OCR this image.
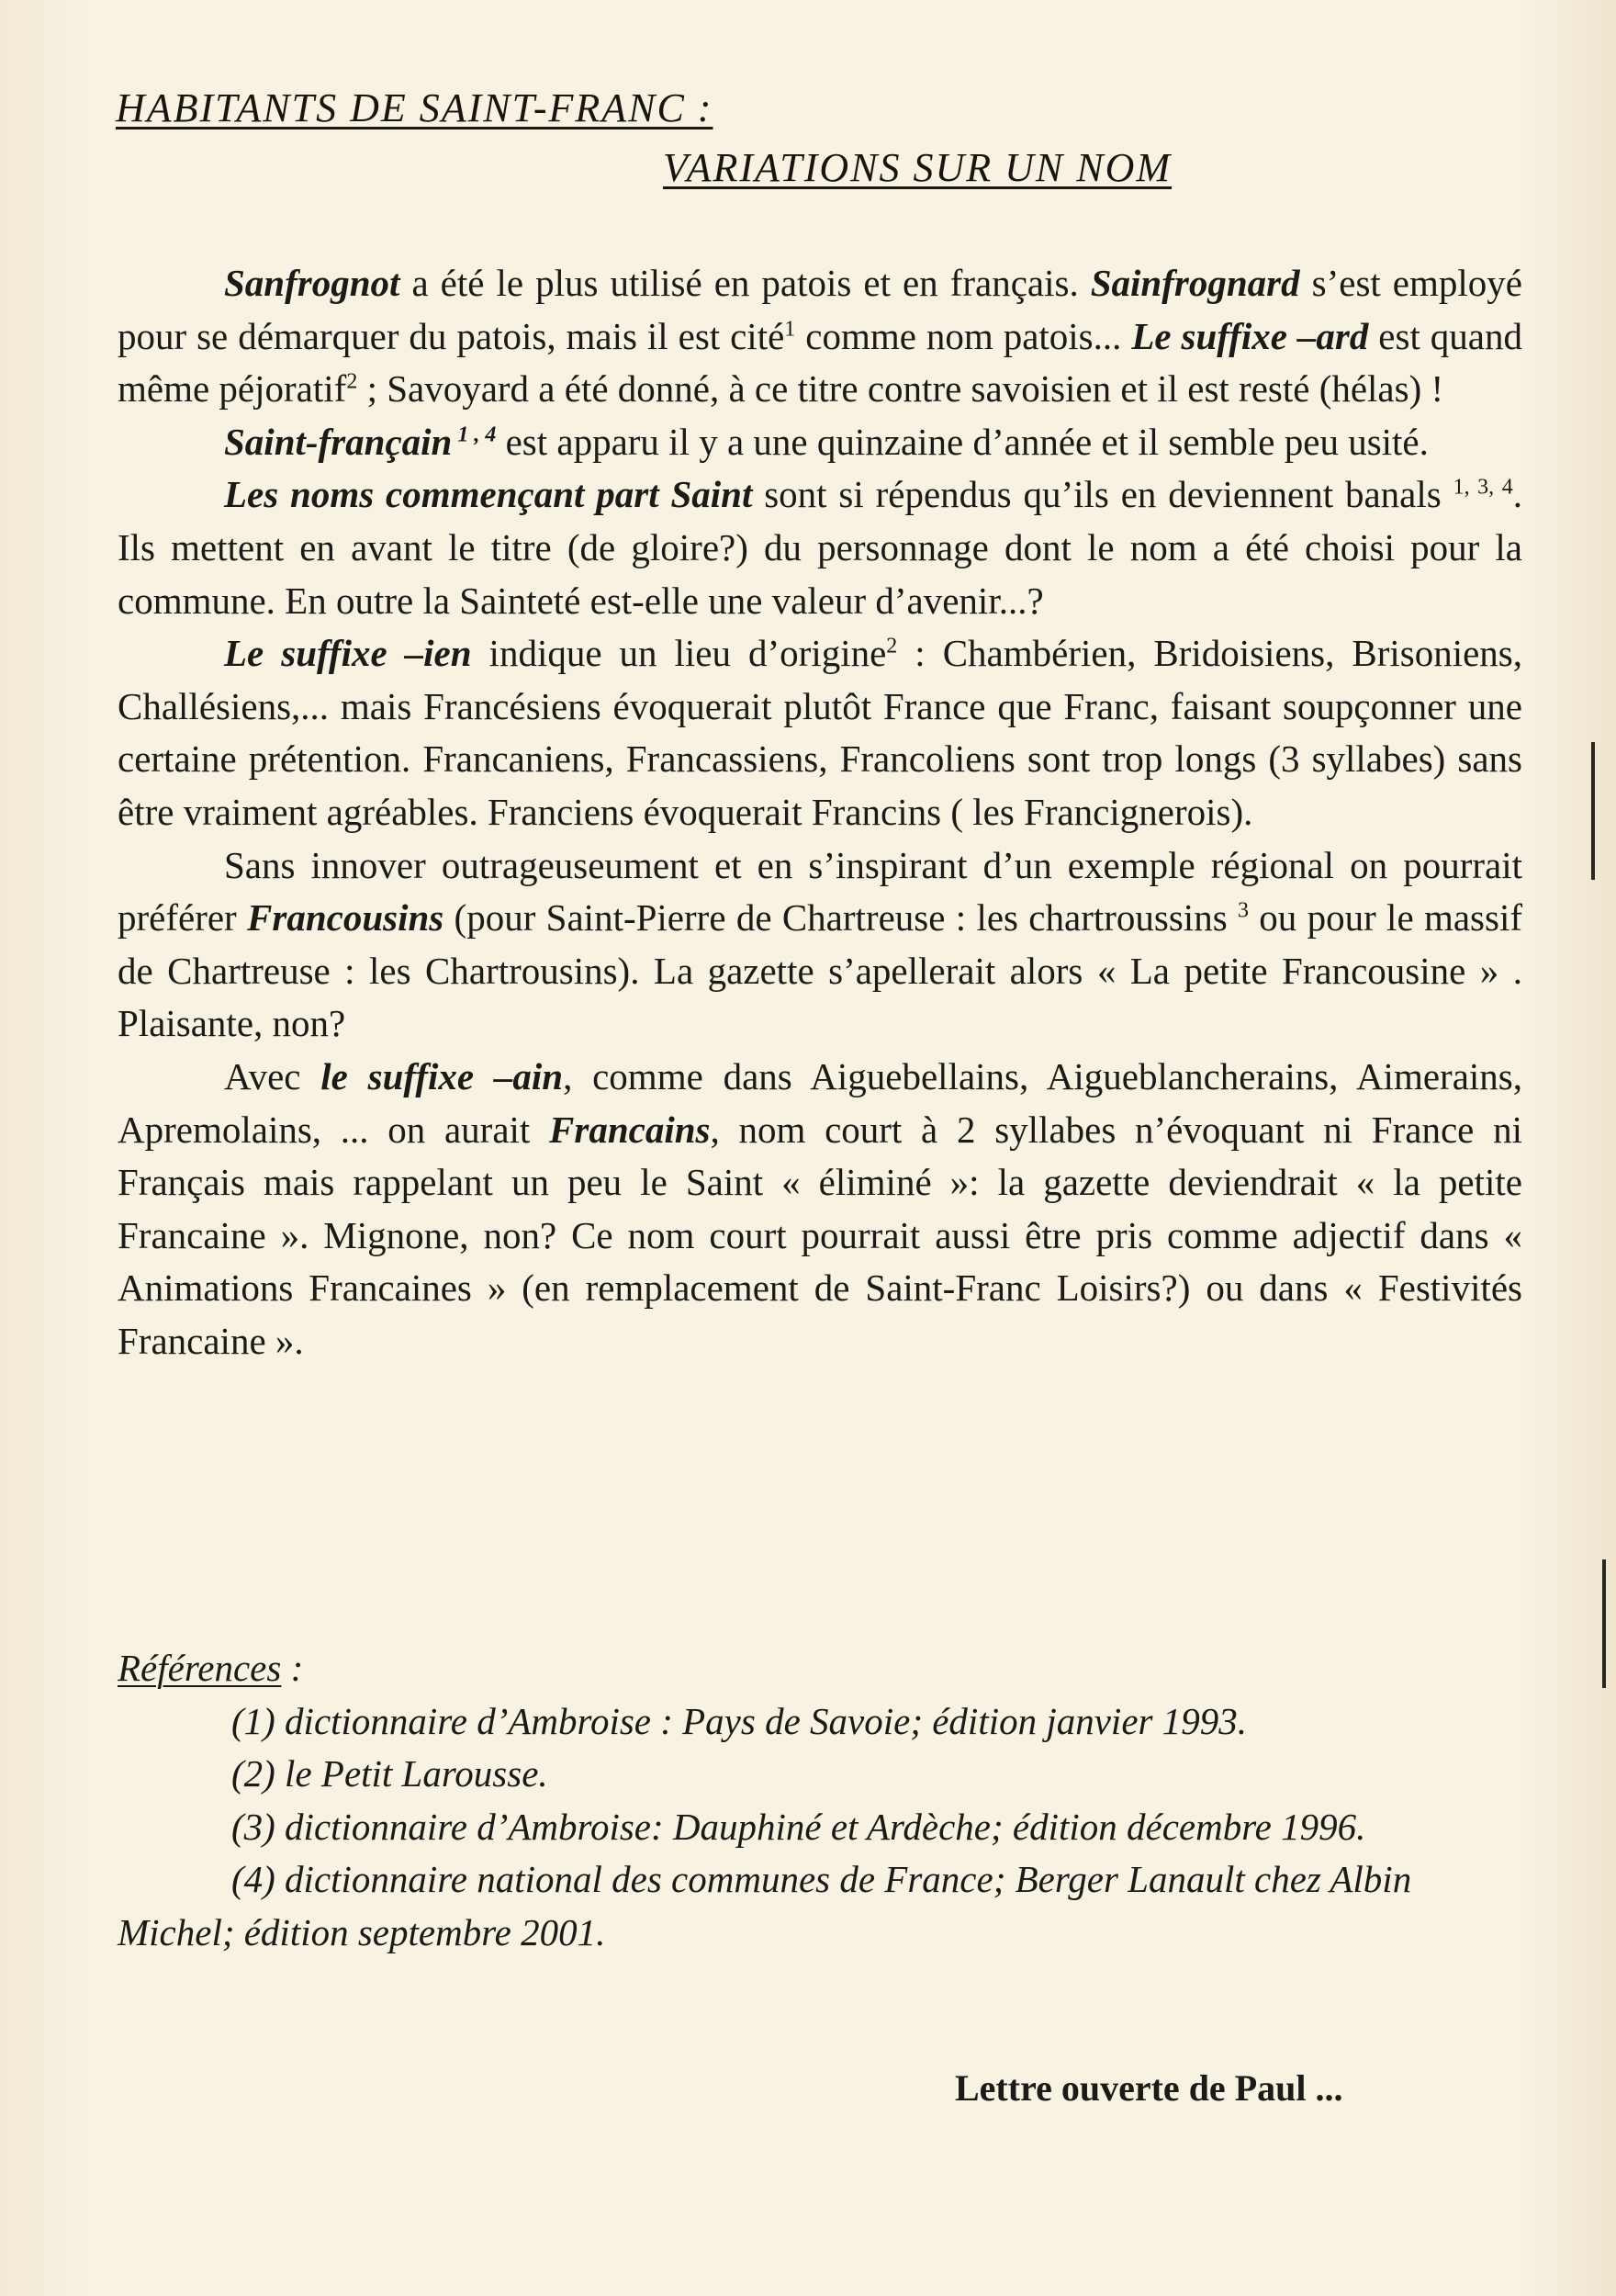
HABITANTS DE SAINT-FRANC :
VARIATIONS SUR UN NOM

Sanfrognot a été le plus utilisé en patois et en français. Sainfrognard s’est employé pour se démarquer du patois, mais il est cité$^1$ comme nom patois... Le suffixe –ard est quand même péjoratif$^2$ ; Savoyard a été donné, à ce titre contre savoisien et il est resté (hélas) !

Saint-françain $^{1 , 4}$ est apparu il y a une quinzaine d’année et il semble peu usité.

Les noms commençant part Saint sont si répendus qu’ils en deviennent banals $^{1, 3, 4}$. Ils mettent en avant le titre (de gloire?) du personnage dont le nom a été choisi pour la commune. En outre la Sainteté est-elle une valeur d’avenir...?

Le suffixe –ien indique un lieu d’origine$^2$ : Chambérien, Bridoisiens, Brisoniens, Challésiens,... mais Francésiens évoquerait plutôt France que Franc, faisant soupçonner une certaine prétention. Francaniens, Francassiens, Francoliens sont trop longs (3 syllabes) sans être vraiment agréables. Franciens évoquerait Francins ( les Francignerois).

Sans innover outrageuseument et en s’inspirant d’un exemple régional on pourrait préférer Francousins (pour Saint-Pierre de Chartreuse : les chartroussins $^3$ ou pour le massif de Chartreuse : les Chartrousins). La gazette s’apellerait alors « La petite Francousine » . Plaisante, non?

Avec le suffixe –ain, comme dans Aiguebellains, Aigueblancherains, Aimerains, Apremolains, ... on aurait Francains, nom court à 2 syllabes n’évoquant ni France ni Français mais rappelant un peu le Saint « éliminé »: la gazette deviendrait « la petite Francaine ». Mignone, non? Ce nom court pourrait aussi être pris comme adjectif dans « Animations Francaines » (en remplacement de Saint-Franc Loisirs?) ou dans « Festivités Francaine ».

Références :

(1) dictionnaire d’Ambroise : Pays de Savoie; édition janvier 1993.

(2) le Petit Larousse.

(3) dictionnaire d’Ambroise: Dauphiné et Ardèche; édition décembre 1996.

(4) dictionnaire national des communes de France; Berger Lanault chez Albin Michel; édition septembre 2001.

Lettre ouverte de Paul ...
